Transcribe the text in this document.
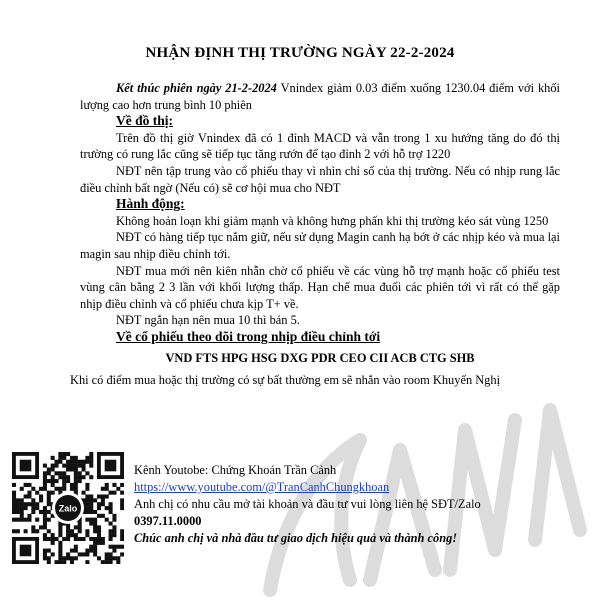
NHẬN ĐỊNH THỊ TRƯỜNG NGÀY 22-2-2024

Kết thúc phiên ngày 21-2-2024 Vnindex giảm 0.03 điểm xuống 1230.04 điểm với khối lượng cao hơn trung bình 10 phiên

Về đồ thị:

Trên đồ thị giờ Vnindex đã có 1 đỉnh MACD và vẫn trong 1 xu hướng tăng do đó thị trường có rung lắc cũng sẽ tiếp tục tăng rướn để tạo đỉnh 2 với hỗ trợ 1220

NĐT nên tập trung vào cổ phiếu thay vì nhìn chỉ số của thị trường. Nếu có nhịp rung lắc điều chỉnh bất ngờ (Nếu có) sẽ cơ hội mua cho NĐT

Hành động:

Không hoản loạn khi giảm mạnh và không hưng phấn khi thị trường kéo sát vùng 1250

NĐT có hàng tiếp tục nắm giữ, nếu sử dụng Magin canh hạ bớt ở các nhịp kéo và mua lại magin sau nhịp điều chỉnh tới.

NĐT mua mới nên kiên nhẫn chờ cổ phiếu về các vùng hỗ trợ mạnh hoặc cổ phiếu test vùng cân bằng 2 3 lần với khối lượng thấp. Hạn chế mua đuổi các phiên tới vì rất có thể gặp nhịp điều chỉnh và cổ phiếu chưa kịp T+ về.

NĐT ngắn hạn nên mua 10 thì bán 5.

Về cổ phiếu theo dõi trong nhịp điều chỉnh tới

VND FTS HPG HSG DXG PDR CEO CII ACB CTG SHB

Khi có điểm mua hoặc thị trường có sự bất thường em sẽ nhắn vào room Khuyến Nghị

Zalo
Kênh Youtobe: Chứng Khoán Trần Cảnh
https://www.youtube.com/@TranCanhChungkhoan
Anh chị có nhu cầu mở tài khoản và đầu tư vui lòng liên hệ SĐT/Zalo
0397.11.0000
Chúc anh chị và nhà đầu tư giao dịch hiệu quả và thành công!
